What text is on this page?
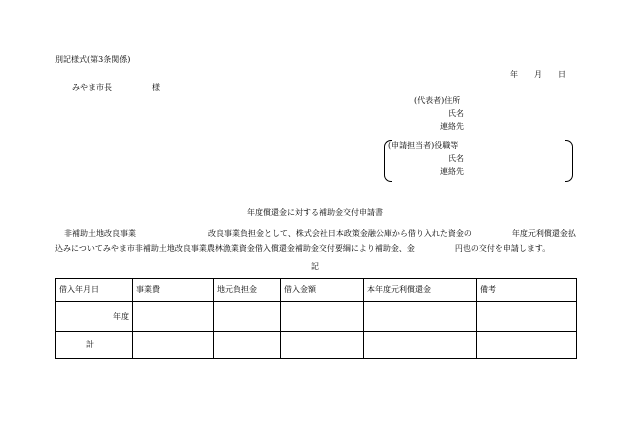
別記様式(第3条関係)
年　　月　　日
みやま市長　　　　　様
(代表者)住所
氏名
連絡先
(申請担当者)役職等
氏名
連絡先
年度償還金に対する補助金交付申請書
非補助土地改良事業　　　　　　　　　改良事業負担金として、株式会社日本政策金融公庫から借り入れた資金の　　　　　年度元利償還金払
込みについてみやま市非補助土地改良事業農林漁業資金借入償還金補助金交付要綱により補助金、金　　　　　円也の交付を申請します。
記
借入年月日	事業費	地元負担金	借入金額	本年度元利償還金	備考
年度					
計					
